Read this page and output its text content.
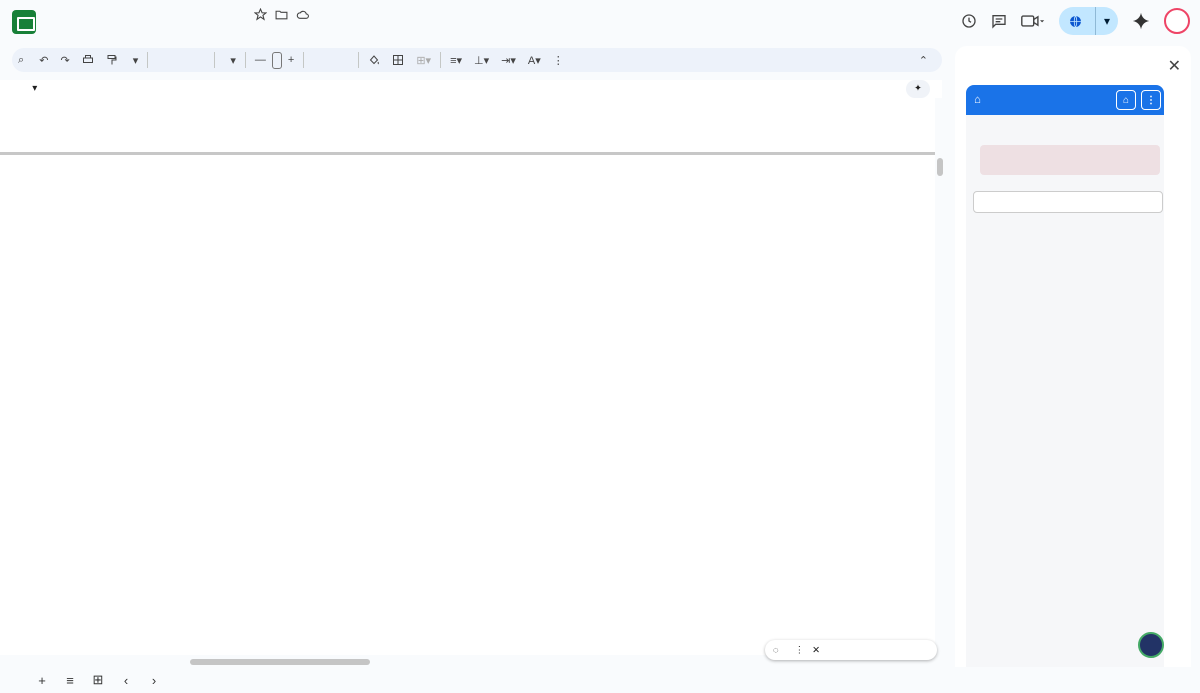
▾
⌕
	↶	↷	▾	▾	—	+	⊞▾	≡▾	⊥▾	⇥▾	A▾	⋮	⌃
▾	✦
◌ ⋮ ✕
+	≡	⊞	‹	›
✕
⌂	⌂	⋮
